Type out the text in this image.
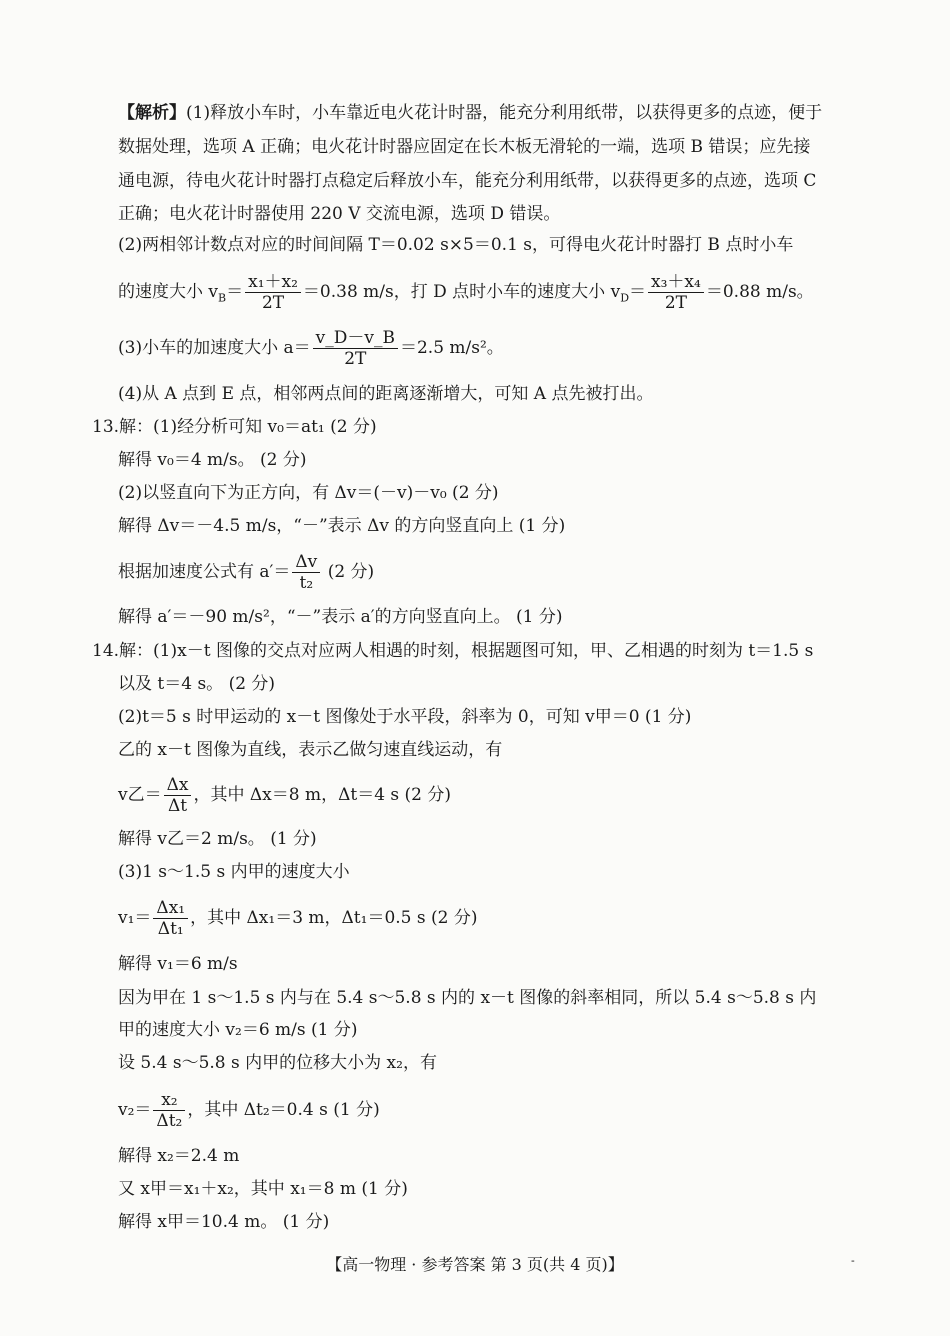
【解析】(1)释放小车时，小车靠近电火花计时器，能充分利用纸带，以获得更多的点迹，便于
数据处理，选项 A 正确；电火花计时器应固定在长木板无滑轮的一端，选项 B 错误；应先接
通电源，待电火花计时器打点稳定后释放小车，能充分利用纸带，以获得更多的点迹，选项 C
正确；电火花计时器使用 220 V 交流电源，选项 D 错误。
(2)两相邻计数点对应的时间间隔 T＝0.02 s×5＝0.1 s，可得电火花计时器打 B 点时小车
的速度大小 $v_B= \frac{\text{x₁＋x₂}}{2T} =0.38$ m/s，打 D 点时小车的速度大小 $v_D= \frac{\text{x₃＋x₄}}{2T} =0.88$ m/s。
(3)小车的加速度大小 $a= \frac{v\_D-v\_B}{2T} =2.5$ m/s²。
(4)从 A 点到 E 点，相邻两点间的距离逐渐增大，可知 A 点先被打出。
13.解：(1)经分析可知 v₀＝at₁ (2 分)
解得 v₀＝4 m/s。 (2 分)
(2)以竖直向下为正方向，有 Δv＝(－v)－v₀ (2 分)
解得 Δv＝－4.5 m/s，“－”表示 Δv 的方向竖直向上 (1 分)
根据加速度公式有 $a'= \frac{\Delta v}{\text{t₂}} (2$ 分)
解得 a′＝－90 m/s²，“－”表示 a′的方向竖直向上。 (1 分)
14.解：(1)x－t 图像的交点对应两人相遇的时刻，根据题图可知，甲、乙相遇的时刻为 t＝1.5 s
以及 t＝4 s。 (2 分)
(2)t＝5 s 时甲运动的 x－t 图像处于水平段，斜率为 0，可知 v甲＝0 (1 分)
乙的 x－t 图像为直线，表示乙做匀速直线运动，有
v乙＝ $\frac{\Delta x}{\Delta t}$ ，其中 Δx＝8 m，Δt＝4 s (2 分)
解得 v乙＝2 m/s。 (1 分)
(3)1 s～1.5 s 内甲的速度大小
$v_1= \frac{\text{Δx₁}}{\text{Δt₁}}$ ，其中 Δx₁＝3 m，Δt₁＝0.5 s (2 分)
解得 v₁＝6 m/s
因为甲在 1 s～1.5 s 内与在 5.4 s～5.8 s 内的 x－t 图像的斜率相同，所以 5.4 s～5.8 s 内
甲的速度大小 v₂＝6 m/s (1 分)
设 5.4 s～5.8 s 内甲的位移大小为 x₂，有
$v_2= \frac{\text{x₂}}{\text{Δt₂}}$ ，其中 Δt₂＝0.4 s (1 分)
解得 x₂＝2.4 m
又 x甲＝x₁＋x₂，其中 x₁＝8 m (1 分)
解得 x甲＝10.4 m。 (1 分)
【高一物理 · 参考答案 第 3 页(共 4 页)】	-
